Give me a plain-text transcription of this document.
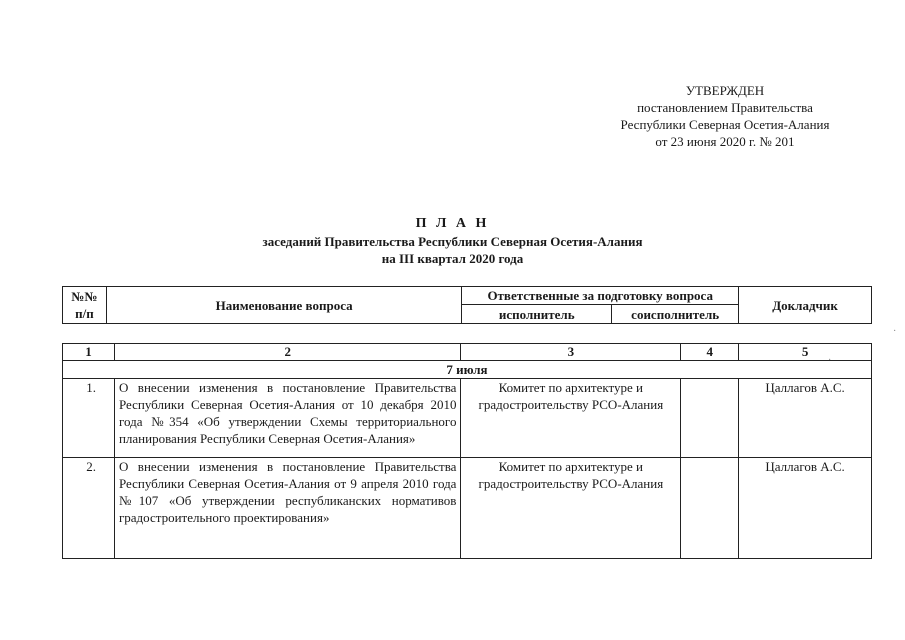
УТВЕРЖДЕН
постановлением Правительства
Республики Северная Осетия-Алания
от 23 июня 2020 г. № 201
П Л А Н
заседаний Правительства Республики Северная Осетия-Алания
на III квартал 2020 года
№№ п/п	Наименование вопроса	Ответственные за подготовку вопроса		Докладчик
		исполнитель	соисполнитель	
1	2	3	4	5
7 июля				
1.	О внесении изменения в постановление Правительства Республики Северная Осетия-Алания от 10 декабря 2010 года №354 «Об утверждении Схемы территориального планирования Республики Северная Осетия-Алания»	Комитет по архитектуре и градостроительству РСО-Алания		Цаллагов А.С.
2.	О внесении изменения в постановление Правительства Республики Северная Осетия-Алания от 9 апреля 2010 года №107 «Об утверждении республиканских нормативов градостроительного проектирования»	Комитет по архитектуре и градостроительству РСО-Алания		Цаллагов А.С.
·
·
